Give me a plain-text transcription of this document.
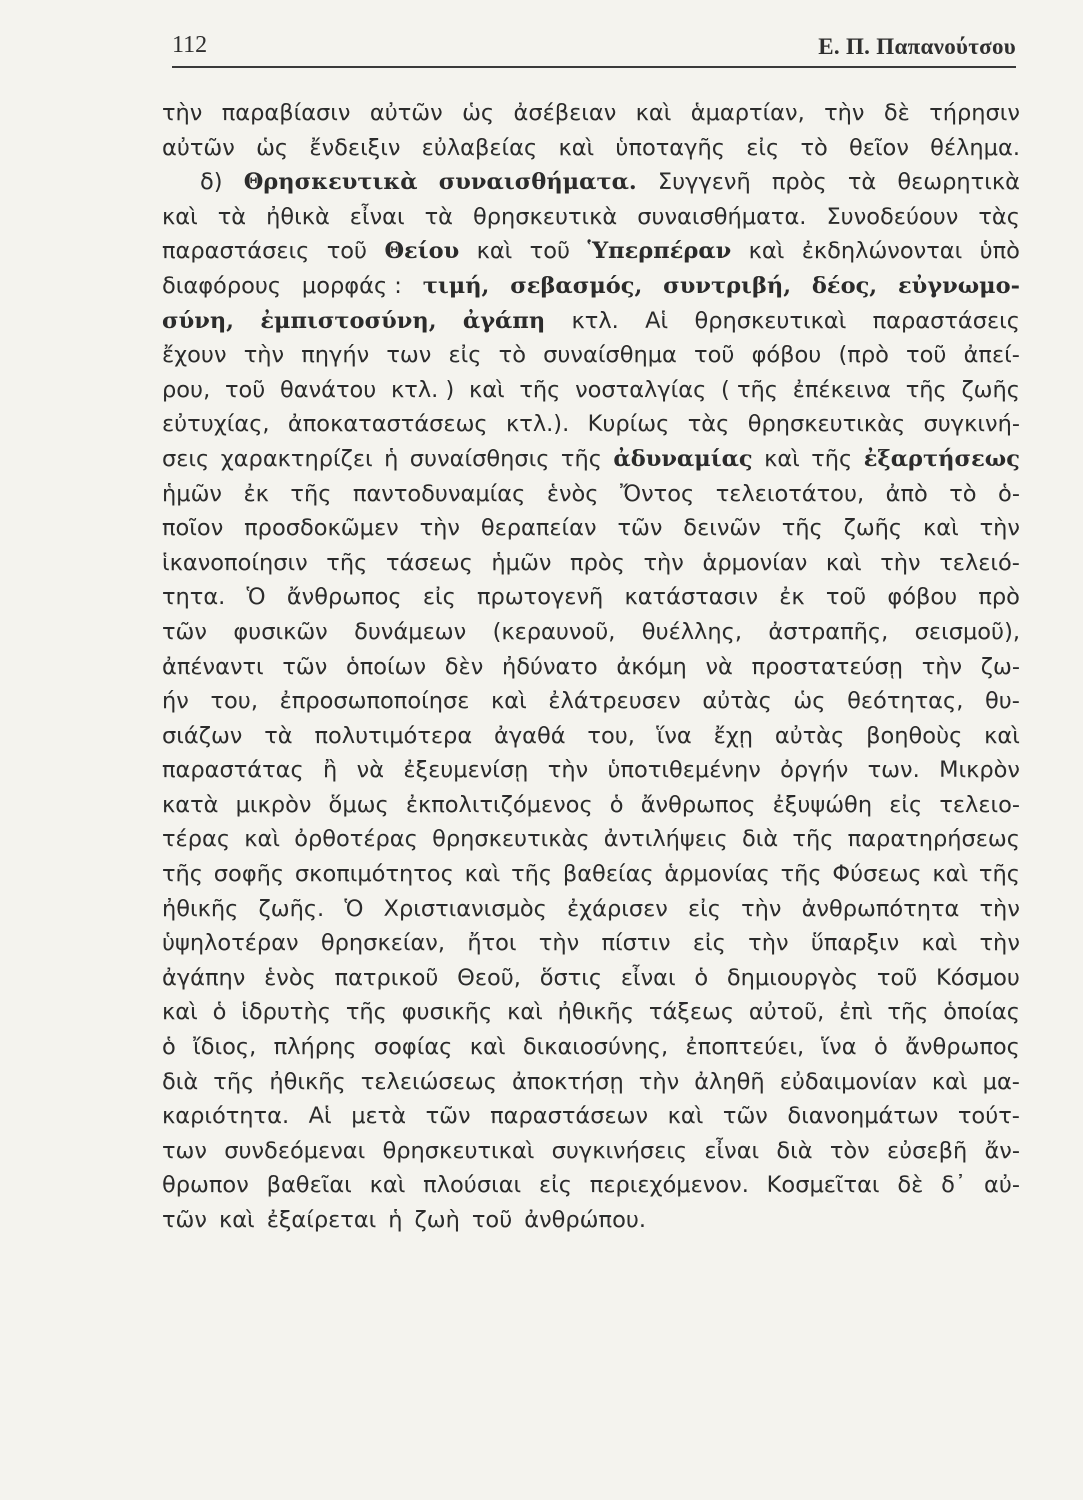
112	Ε. Π. Παπανούτσου
τὴν παραβίασιν αὐτῶν ὡς ἀσέβειαν καὶ ἁμαρτίαν, τὴν δὲ τήρησιν
αὐτῶν ὡς ἔνδειξιν εὐλαβείας καὶ ὑποταγῆς εἰς τὸ θεῖον θέλημα.
δ) Θρησκευτικὰ συναισθήματα. Συγγενῆ πρὸς τὰ θεωρητικὰ
καὶ τὰ ἠθικὰ εἶναι τὰ θρησκευτικὰ συναισθήματα. Συνοδεύουν τὰς
παραστάσεις τοῦ Θείου καὶ τοῦ Ὑπερπέραν καὶ ἐκδηλώνονται ὑπὸ
διαφόρους μορφάς : τιμή, σεβασμός, συντριβή, δέος, εὐγνωμο-
σύνη, ἐμπιστοσύνη, ἀγάπη κτλ. Αἱ θρησκευτικαὶ παραστάσεις
ἔχουν τὴν πηγήν των εἰς τὸ συναίσθημα τοῦ φόβου (πρὸ τοῦ ἀπεί-
ρου, τοῦ θανάτου κτλ. ) καὶ τῆς νοσταλγίας ( τῆς ἐπέκεινα τῆς ζωῆς
εὐτυχίας, ἀποκαταστάσεως κτλ.). Κυρίως τὰς θρησκευτικὰς συγκινή-
σεις χαρακτηρίζει ἡ συναίσθησις τῆς ἀδυναμίας καὶ τῆς ἐξαρτήσεως
ἡμῶν ἐκ τῆς παντοδυναμίας ἑνὸς Ὄντος τελειοτάτου, ἀπὸ τὸ ὁ-
ποῖον προσδοκῶμεν τὴν θεραπείαν τῶν δεινῶν τῆς ζωῆς καὶ τὴν
ἱκανοποίησιν τῆς τάσεως ἡμῶν πρὸς τὴν ἁρμονίαν καὶ τὴν τελειό-
τητα. Ὁ ἄνθρωπος εἰς πρωτογενῆ κατάστασιν ἐκ τοῦ φόβου πρὸ
τῶν φυσικῶν δυνάμεων (κεραυνοῦ, θυέλλης, ἀστραπῆς, σεισμοῦ),
ἀπέναντι τῶν ὁποίων δὲν ἠδύνατο ἀκόμη νὰ προστατεύσῃ τὴν ζω-
ήν του, ἐπροσωποποίησε καὶ ἐλάτρευσεν αὐτὰς ὡς θεότητας, θυ-
σιάζων τὰ πολυτιμότερα ἀγαθά του, ἵνα ἔχῃ αὐτὰς βοηθοὺς καὶ
παραστάτας ἢ νὰ ἐξευμενίσῃ τὴν ὑποτιθεμένην ὀργήν των. Μικρὸν
κατὰ μικρὸν ὅμως ἐκπολιτιζόμενος ὁ ἄνθρωπος ἐξυψώθη εἰς τελειο-
τέρας καὶ ὀρθοτέρας θρησκευτικὰς ἀντιλήψεις διὰ τῆς παρατηρήσεως
τῆς σοφῆς σκοπιμότητος καὶ τῆς βαθείας ἁρμονίας τῆς Φύσεως καὶ τῆς
ἠθικῆς ζωῆς. Ὁ Χριστιανισμὸς ἐχάρισεν εἰς τὴν ἀνθρωπότητα τὴν
ὑψηλοτέραν θρησκείαν, ἤτοι τὴν πίστιν εἰς τὴν ὕπαρξιν καὶ τὴν
ἀγάπην ἑνὸς πατρικοῦ Θεοῦ, ὅστις εἶναι ὁ δημιουργὸς τοῦ Κόσμου
καὶ ὁ ἱδρυτὴς τῆς φυσικῆς καὶ ἠθικῆς τάξεως αὐτοῦ, ἐπὶ τῆς ὁποίας
ὁ ἴδιος, πλήρης σοφίας καὶ δικαιοσύνης, ἐποπτεύει, ἵνα ὁ ἄνθρωπος
διὰ τῆς ἠθικῆς τελειώσεως ἀποκτήσῃ τὴν ἀληθῆ εὐδαιμονίαν καὶ μα-
καριότητα. Αἱ μετὰ τῶν παραστάσεων καὶ τῶν διανοημάτων τούτ-
των συνδεόμεναι θρησκευτικαὶ συγκινήσεις εἶναι διὰ τὸν εὐσεβῆ ἄν-
θρωπον βαθεῖαι καὶ πλούσιαι εἰς περιεχόμενον. Κοσμεῖται δὲ δ᾽ αὐ-
τῶν καὶ ἐξαίρεται ἡ ζωὴ τοῦ ἀνθρώπου.
